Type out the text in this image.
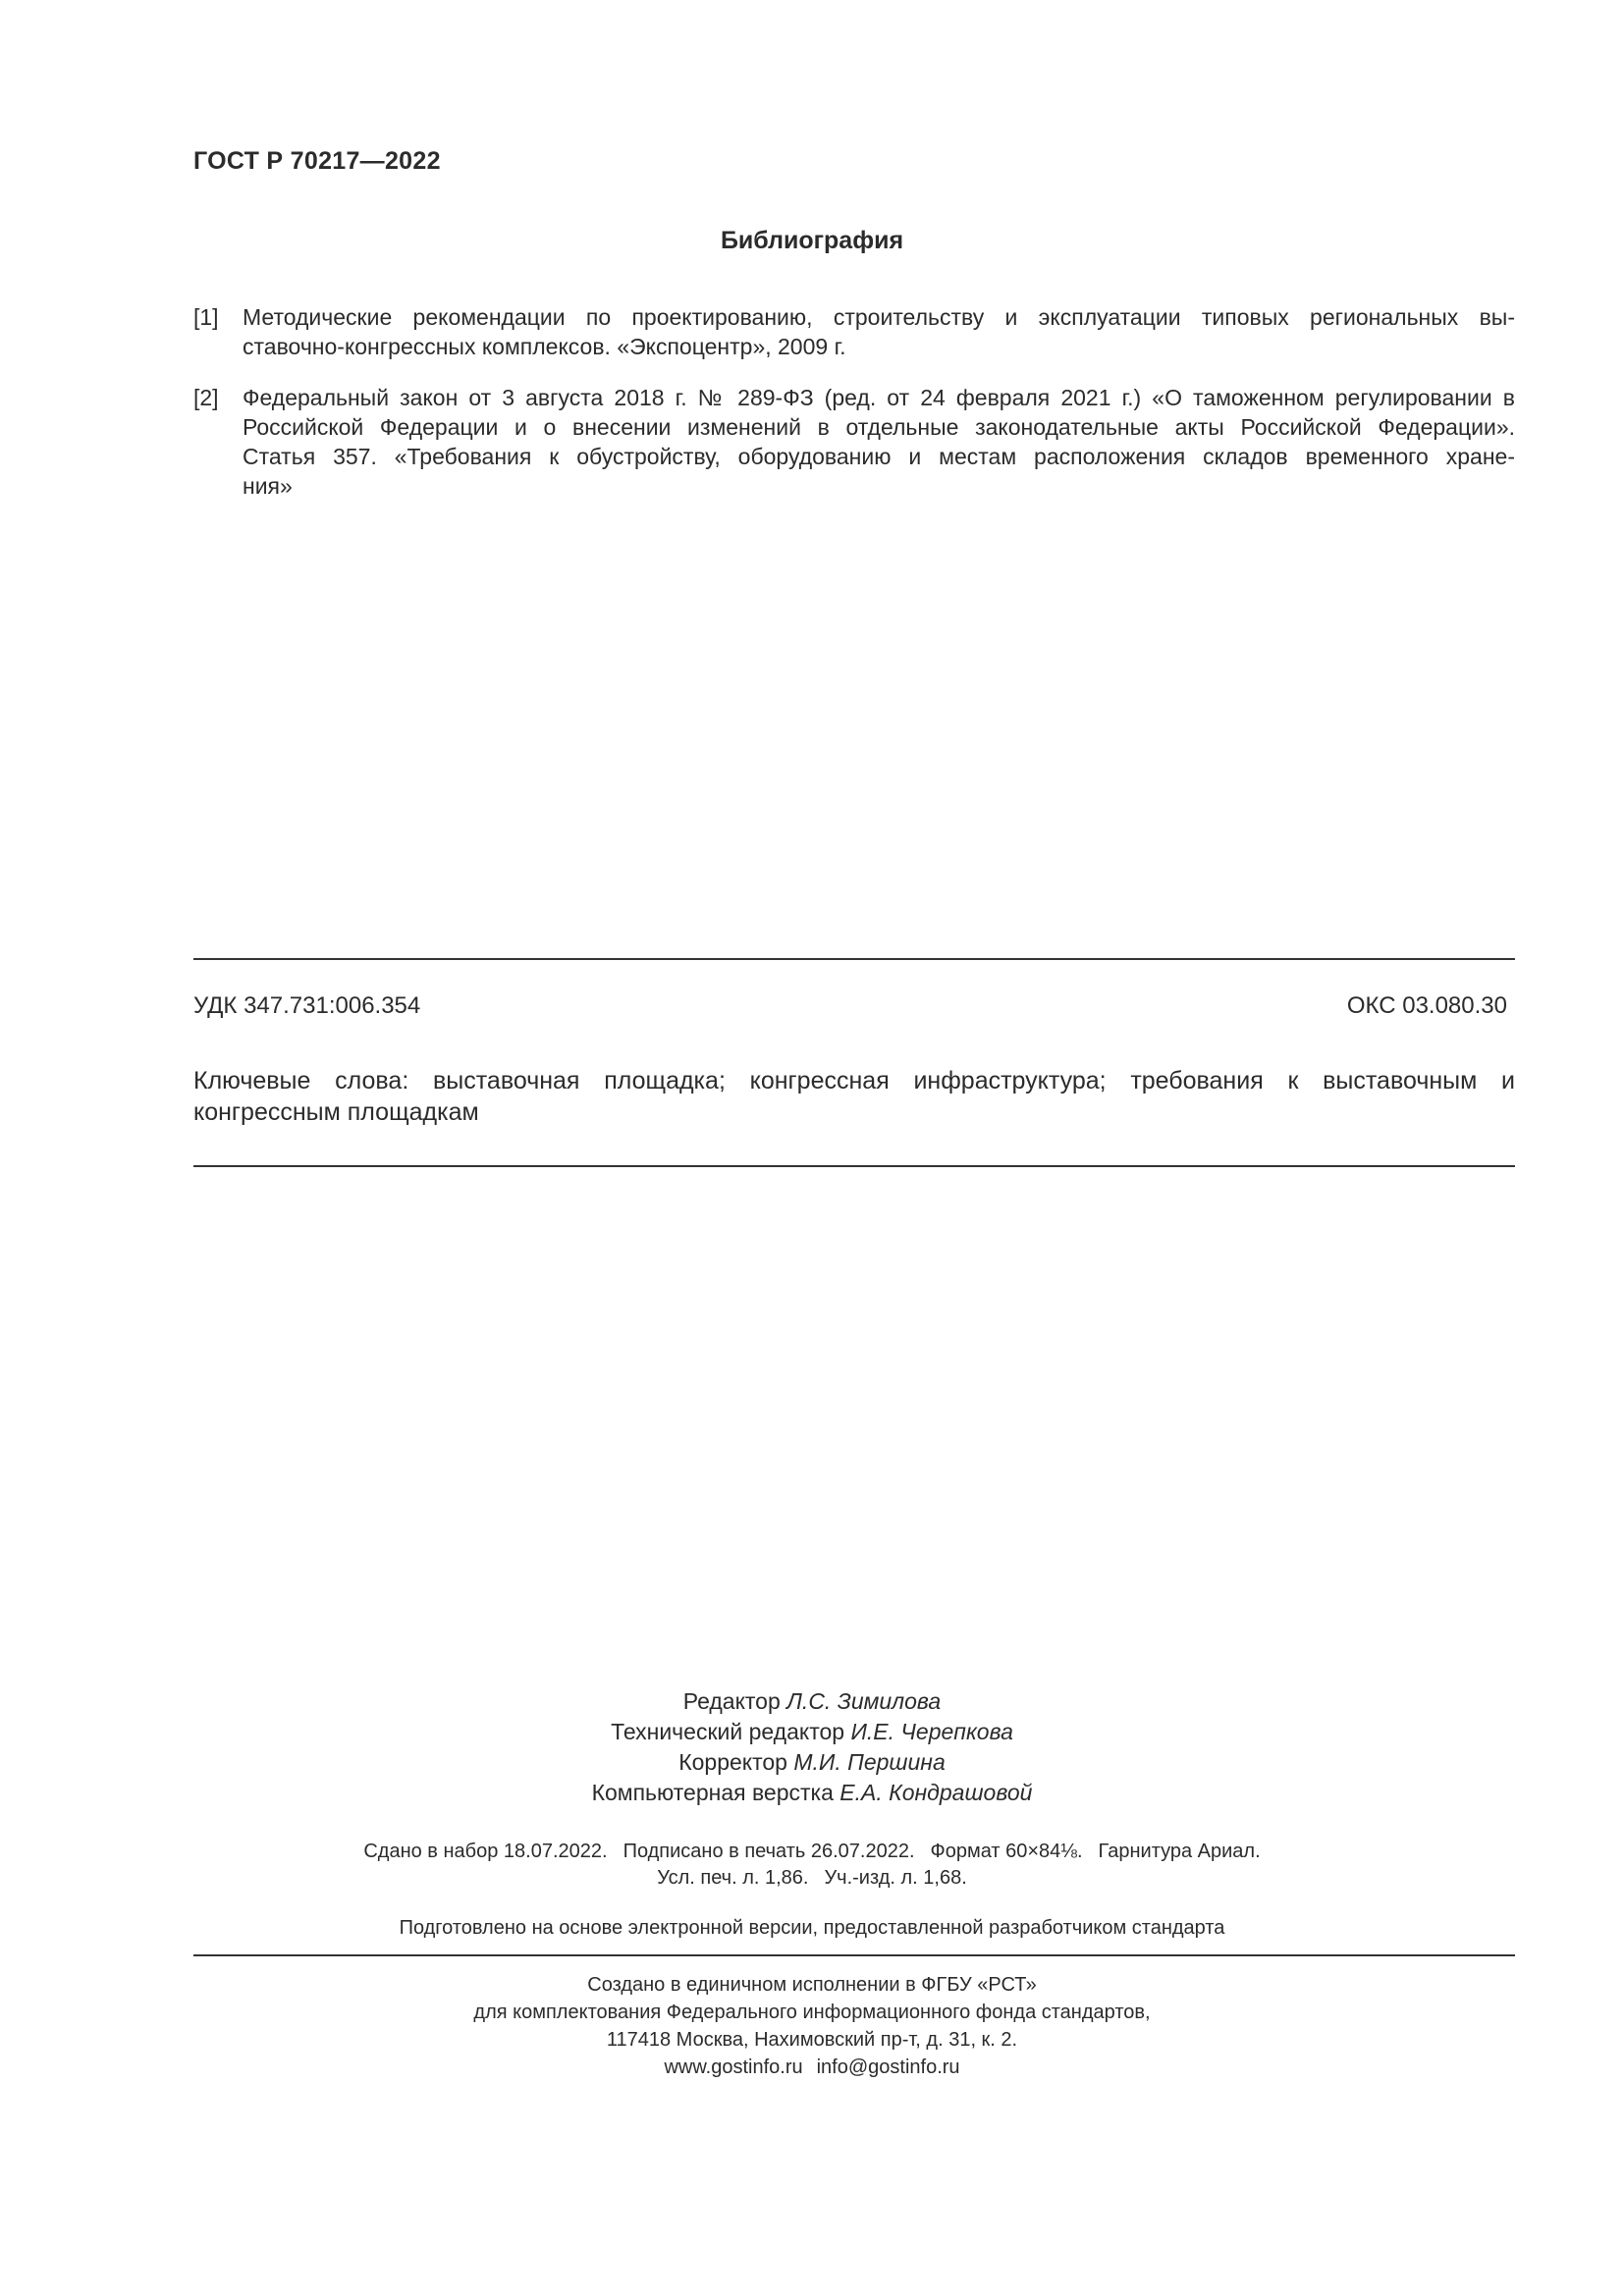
ГОСТ Р 70217—2022
Библиография
[1]	Методические рекомендации по проектированию, строительству и эксплуатации типовых региональных вы-
ставочно-конгрессных комплексов. «Экспоцентр», 2009 г.
[2]	Федеральный закон от 3 августа 2018 г. № 289-ФЗ (ред. от 24 февраля 2021 г.) «О таможенном регулировании в
Российской Федерации и о внесении изменений в отдельные законодательные акты Российской Федерации».
Статья 357. «Требования к обустройству, оборудованию и местам расположения складов временного хране-
ния»
УДК 347.731:006.354	ОКС 03.080.30
Ключевые слова: выставочная площадка; конгрессная инфраструктура; требования к выставочным и
конгрессным площадкам
Редактор Л.С. Зимилова
Технический редактор И.Е. Черепкова
Корректор М.И. Першина
Компьютерная верстка Е.А. Кондрашовой
Сдано в набор 18.07.2022. Подписано в печать 26.07.2022. Формат 60×84⅛. Гарнитура Ариал.
Усл. печ. л. 1,86. Уч.-изд. л. 1,68.
Подготовлено на основе электронной версии, предоставленной разработчиком стандарта
Создано в единичном исполнении в ФГБУ «РСТ»
для комплектования Федерального информационного фонда стандартов,
117418 Москва, Нахимовский пр-т, д. 31, к. 2.
www.gostinfo.ru info@gostinfo.ru
